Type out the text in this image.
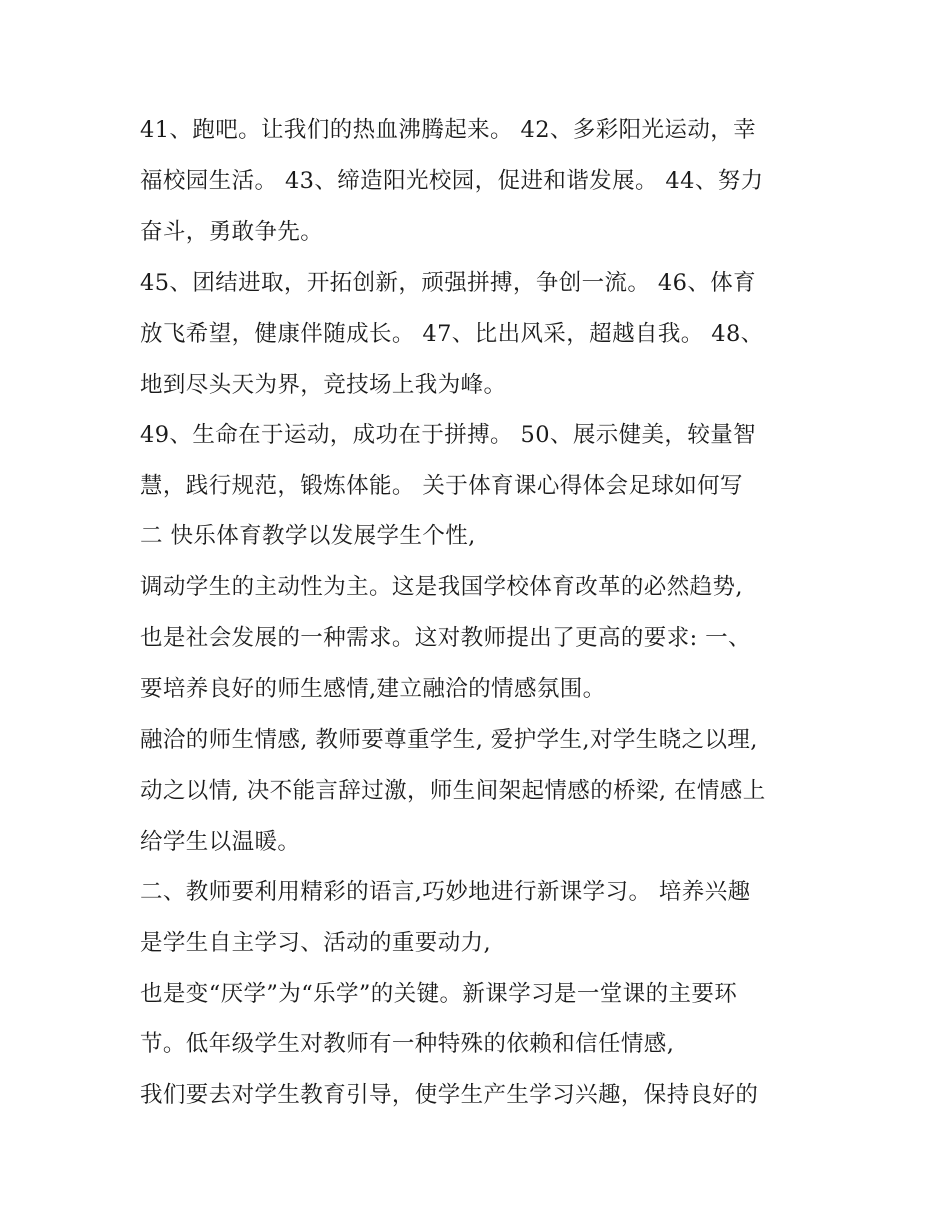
41、跑吧。让我们的热血沸腾起来。 42、多彩阳光运动，幸

福校园生活。 43、缔造阳光校园，促进和谐发展。 44、努力

奋斗，勇敢争先。

45、团结进取，开拓创新，顽强拼搏，争创一流。 46、体育

放飞希望，健康伴随成长。 47、比出风采，超越自我。 48、

地到尽头天为界，竞技场上我为峰。

49、生命在于运动，成功在于拼搏。 50、展示健美，较量智

慧，践行规范，锻炼体能。 关于体育课心得体会足球如何写

二 快乐体育教学以发展学生个性,

调动学生的主动性为主。这是我国学校体育改革的必然趋势,

也是社会发展的一种需求。这对教师提出了更高的要求: 一、

要培养良好的师生感情,建立融洽的情感氛围。

融洽的师生情感, 教师要尊重学生, 爱护学生,对学生晓之以理,

动之以情, 决不能言辞过激，师生间架起情感的桥梁, 在情感上

给学生以温暖。

二、教师要利用精彩的语言,巧妙地进行新课学习。 培养兴趣

是学生自主学习、活动的重要动力,

也是变“厌学”为“乐学”的关键。新课学习是一堂课的主要环

节。低年级学生对教师有一种特殊的依赖和信任情感,

我们要去对学生教育引导，使学生产生学习兴趣，保持良好的
